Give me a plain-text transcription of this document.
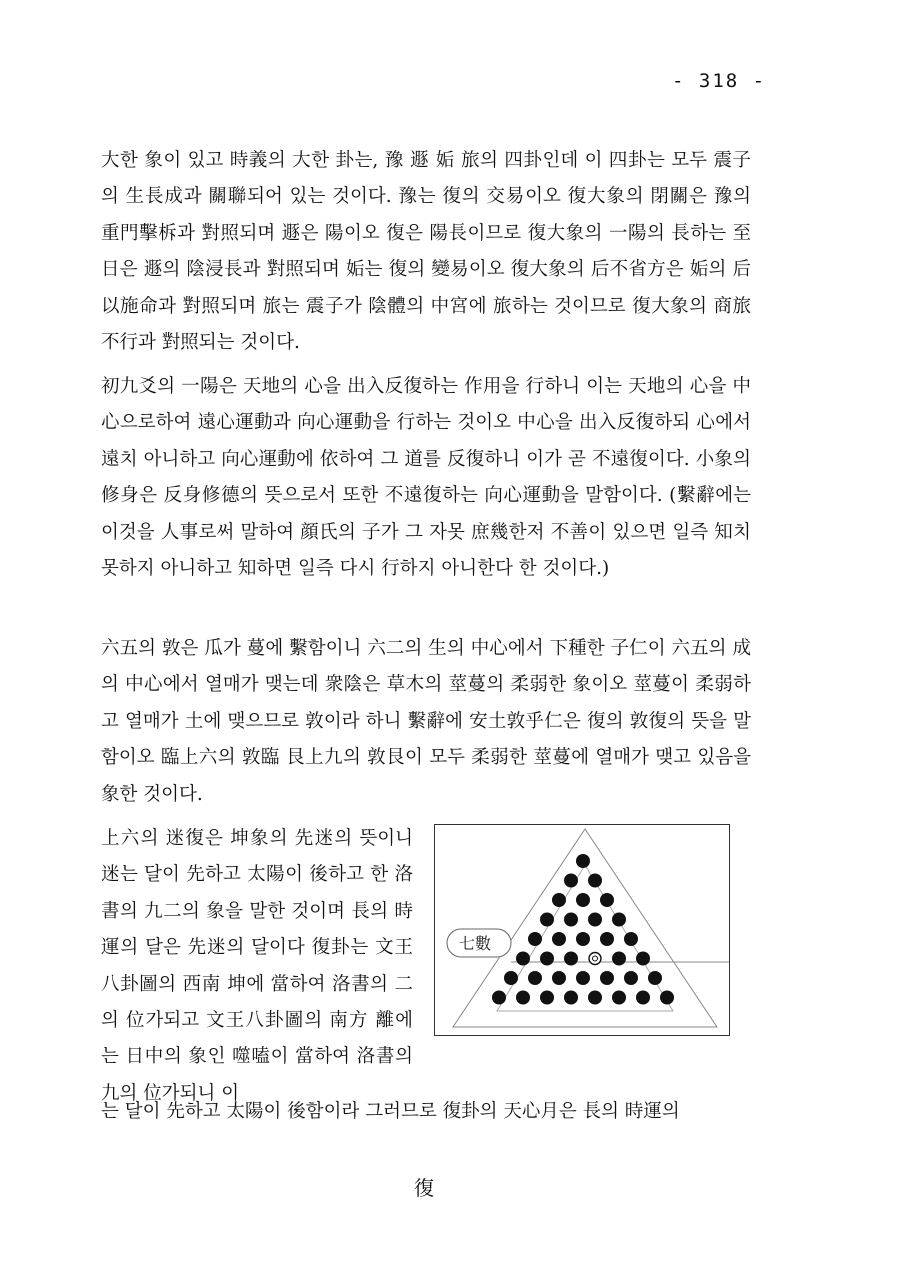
- 318 -

大한 象이 있고 時義의 大한 卦는, 豫 遯 姤 旅의 四卦인데 이 四卦는 모두 震子의 生長成과 關聯되어 있는 것이다. 豫는 復의 交易이오 復大象의 閉關은 豫의 重門擊柝과 對照되며 遯은 陽이오 復은 陽長이므로 復大象의 一陽의 長하는 至日은 遯의 陰浸長과 對照되며 姤는 復의 變易이오 復大象의 后不省方은 姤의 后以施命과 對照되며 旅는 震子가 陰體의 中宮에 旅하는 것이므로 復大象의 商旅不行과 對照되는 것이다.

初九爻의 一陽은 天地의 心을 出入反復하는 作用을 行하니 이는 天地의 心을 中心으로하여 遠心運動과 向心運動을 行하는 것이오 中心을 出入反復하되 心에서 遠치 아니하고 向心運動에 依하여 그 道를 反復하니 이가 곧 不遠復이다. 小象의 修身은 反身修德의 뜻으로서 또한 不遠復하는 向心運動을 말함이다. (繫辭에는 이것을 人事로써 말하여 顔氏의 子가 그 자못 庶幾한저 不善이 있으면 일즉 知치 못하지 아니하고 知하면 일즉 다시 行하지 아니한다 한 것이다.)

六五의 敦은 瓜가 蔓에 繫함이니 六二의 生의 中心에서 下種한 子仁이 六五의 成의 中心에서 열매가 맺는데 衆陰은 草木의 莖蔓의 柔弱한 象이오 莖蔓이 柔弱하고 열매가 土에 맺으므로 敦이라 하니 繫辭에 安土敦乎仁은 復의 敦復의 뜻을 말함이오 臨上六의 敦臨 艮上九의 敦艮이 모두 柔弱한 莖蔓에 열매가 맺고 있음을 象한 것이다.

上六의 迷復은 坤象의 先迷의 뜻이니 迷는 달이 先하고 太陽이 後하고 한 洛書의 九二의 象을 말한 것이며 長의 時運의 달은 先迷의 달이다 復卦는 文王八卦圖의 西南 坤에 當하여 洛書의 二의 位가되고 文王八卦圖의 南方 離에는 日中의 象인 噬嗑이 當하여 洛書의 九의 位가되니 이

七數

는 달이 先하고 太陽이 後함이라 그러므로 復卦의 天心月은 長의 時運의

復
